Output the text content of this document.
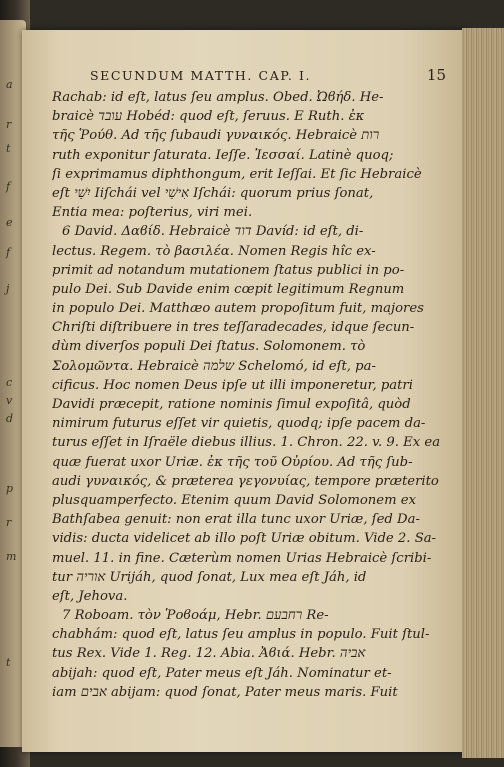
a
r
t
f
e
f
j
c
v
d
p
r
m
t
SECUNDUM MATTH. CAP. I.	15
Rachab: id eſt, latus ſeu amplus. Obed. Ὠϐήδ. He-
braicè עובד Hobéd: quod eſt, ſeruus. E Ruth. ἐκ
τῆς Ῥούθ. Ad τῆς ſubaudi γυναικός. Hebraicè רות
ruth exponitur ſaturata. Ieſſe. Ἰεσσαί. Latinè quoq;
ſi exprimamus diphthongum, erit Ieſſai. Et ſic Hebraicè
eſt יִשַׁי Iiſchái vel אִישַׁי Iſchái: quorum prius ſonat,
Entia mea: poſterius, viri mei.
6 David. Δαϐίδ. Hebraicè דוד Davíd: id eſt, di-
lectus. Regem. τὸ βασιλέα. Nomen Regis hîc ex-
primit ad notandum mutationem ſtatus publici in po-
pulo Dei. Sub Davide enim cœpit legitimum Regnum
in populo Dei. Matthæo autem propoſitum fuit, majores
Chriſti diſtribuere in tres teſſaradecades, idque ſecun-
dùm diverſos populi Dei ſtatus. Solomonem. τὸ
Σολομῶντα. Hebraicè שלמה Schelomó, id eſt, pa-
cificus. Hoc nomen Deus ipſe ut illi imponeretur, patri
Davidi præcepit, ratione nominis ſimul expoſitâ, quòd
nimirum futurus eſſet vir quietis, quodq; ipſe pacem da-
turus eſſet in Iſraële diebus illius. 1. Chron. 22. v. 9. Ex ea
quæ fuerat uxor Uriæ. ἐκ τῆς τοῦ Οὐρίου. Ad τῆς ſub-
audi γυναικός, & præterea γεγονυίας, tempore præterito
plusquamperfecto. Etenim quum David Solomonem ex
Bathſabea genuit: non erat illa tunc uxor Uriæ, ſed Da-
vidis: ducta videlicet ab illo poſt Uriæ obitum. Vide 2. Sa-
muel. 11. in fine. Cæterùm nomen Urias Hebraicè ſcribi-
tur אוריה Urijáh, quod ſonat, Lux mea eſt Jáh, id
eſt, Jehova.
7 Roboam. τὸν Ῥοϐοάμ, Hebr. רחבעם Re-
chabhám: quod eſt, latus ſeu amplus in populo. Fuit ſtul-
tus Rex. Vide 1. Reg. 12. Abia. Ἀϐιά. Hebr. אביה
abijah: quod eſt, Pater meus eſt Jáh. Nominatur et-
iam אבים abijam: quod ſonat, Pater meus maris. Fuit
